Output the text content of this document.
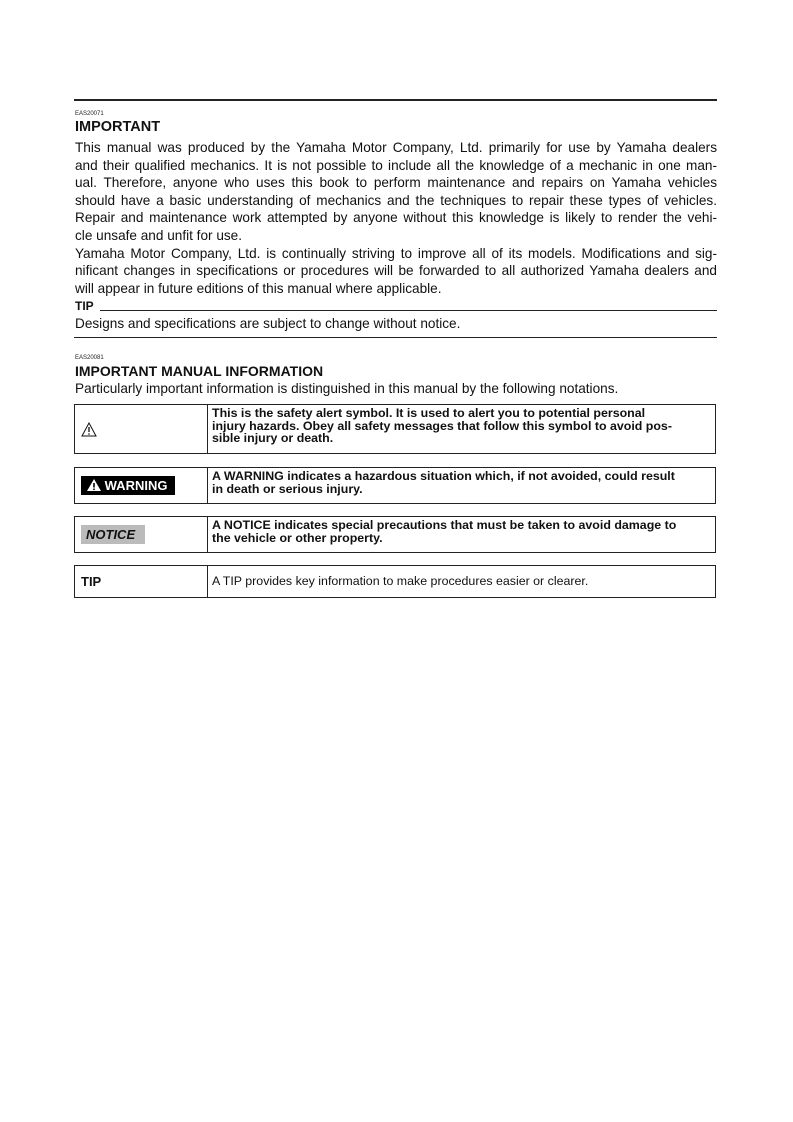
EAS20071
IMPORTANT
This manual was produced by the Yamaha Motor Company, Ltd. primarily for use by Yamaha dealers
and their qualified mechanics. It is not possible to include all the knowledge of a mechanic in one man-
ual. Therefore, anyone who uses this book to perform maintenance and repairs on Yamaha vehicles
should have a basic understanding of mechanics and the techniques to repair these types of vehicles.
Repair and maintenance work attempted by anyone without this knowledge is likely to render the vehi-
cle unsafe and unfit for use.
Yamaha Motor Company, Ltd. is continually striving to improve all of its models. Modifications and sig-
nificant changes in specifications or procedures will be forwarded to all authorized Yamaha dealers and
will appear in future editions of this manual where applicable.
TIP
Designs and specifications are subject to change without notice.
EAS20081
IMPORTANT MANUAL INFORMATION
Particularly important information is distinguished in this manual by the following notations.
This is the safety alert symbol. It is used to alert you to potential personal
injury hazards. Obey all safety messages that follow this symbol to avoid pos-
sible injury or death.
WARNING
A WARNING indicates a hazardous situation which, if not avoided, could result
in death or serious injury.
NOTICE
A NOTICE indicates special precautions that must be taken to avoid damage to
the vehicle or other property.
TIP	A TIP provides key information to make procedures easier or clearer.
